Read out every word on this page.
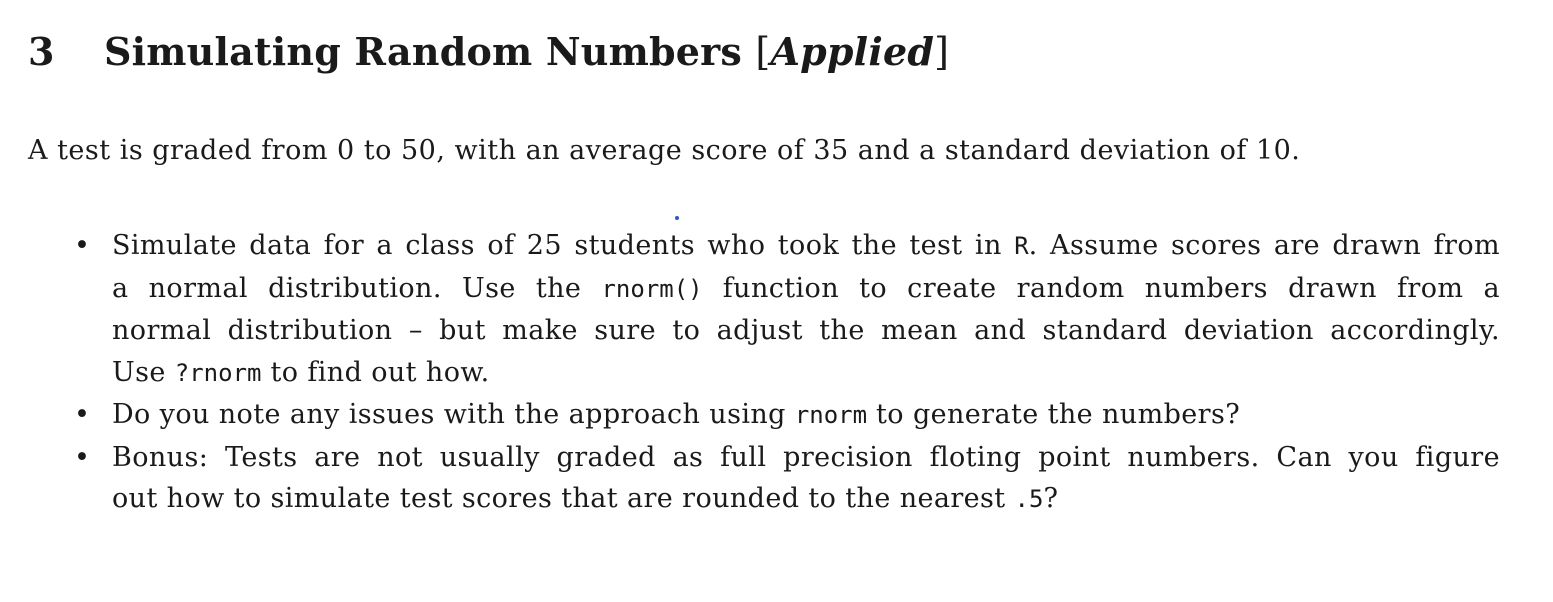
3 Simulating Random Numbers [Applied]

A test is graded from 0 to 50, with an average score of 35 and a standard deviation of 10.

• Simulate data for a class of 25 students who took the test in R. Assume scores are drawn from
a normal distribution. Use the rnorm() function to create random numbers drawn from a
normal distribution – but make sure to adjust the mean and standard deviation accordingly.
Use ?rnorm to find out how.
• Do you note any issues with the approach using rnorm to generate the numbers?
• Bonus: Tests are not usually graded as full precision floting point numbers. Can you figure
out how to simulate test scores that are rounded to the nearest .5?
